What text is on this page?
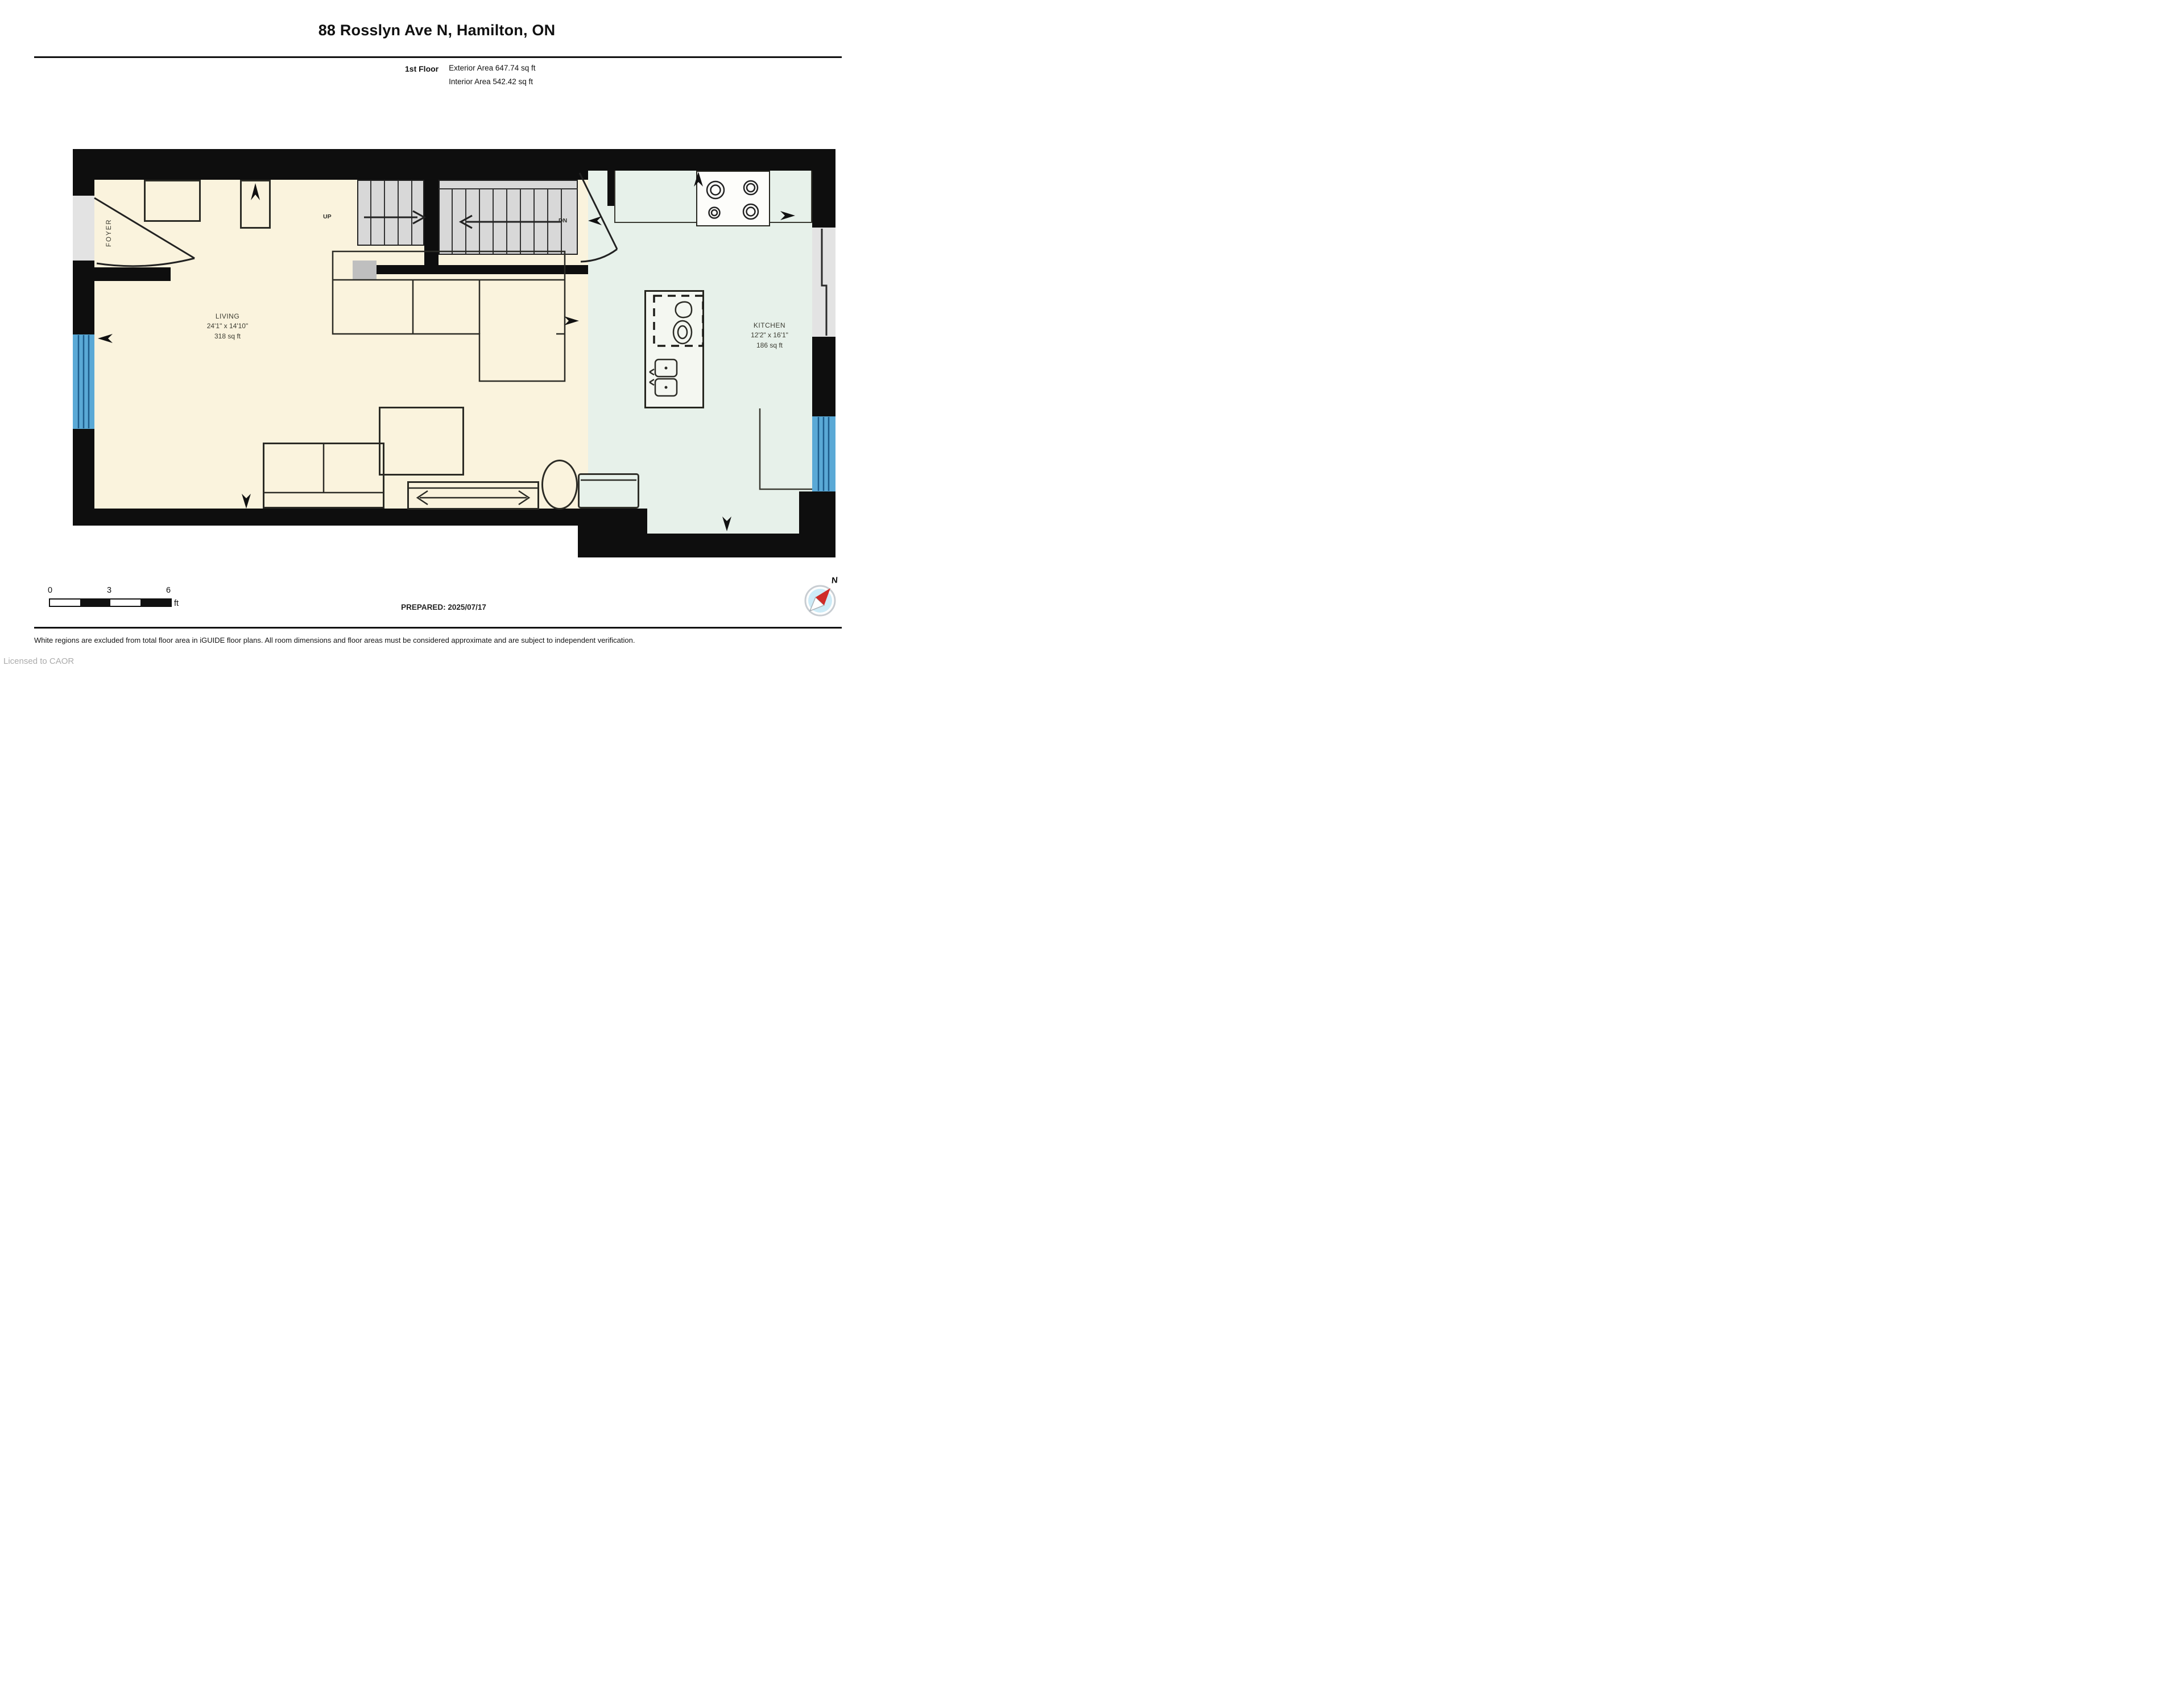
88 Rosslyn Ave N, Hamilton, ON
1st Floor Exterior Area 647.74 sq ft
Interior Area 542.42 sq ft
FOYER
LIVING
24'1" x 14'10"
318 sq ft
KITCHEN
12'2" x 16'1"
186 sq ft
UP
DN
0	3	6
ft	PREPARED: 2025/07/17
N
White regions are excluded from total floor area in iGUIDE floor plans. All room dimensions and floor areas must be considered approximate and are subject to independent verification.
Licensed to CAOR
